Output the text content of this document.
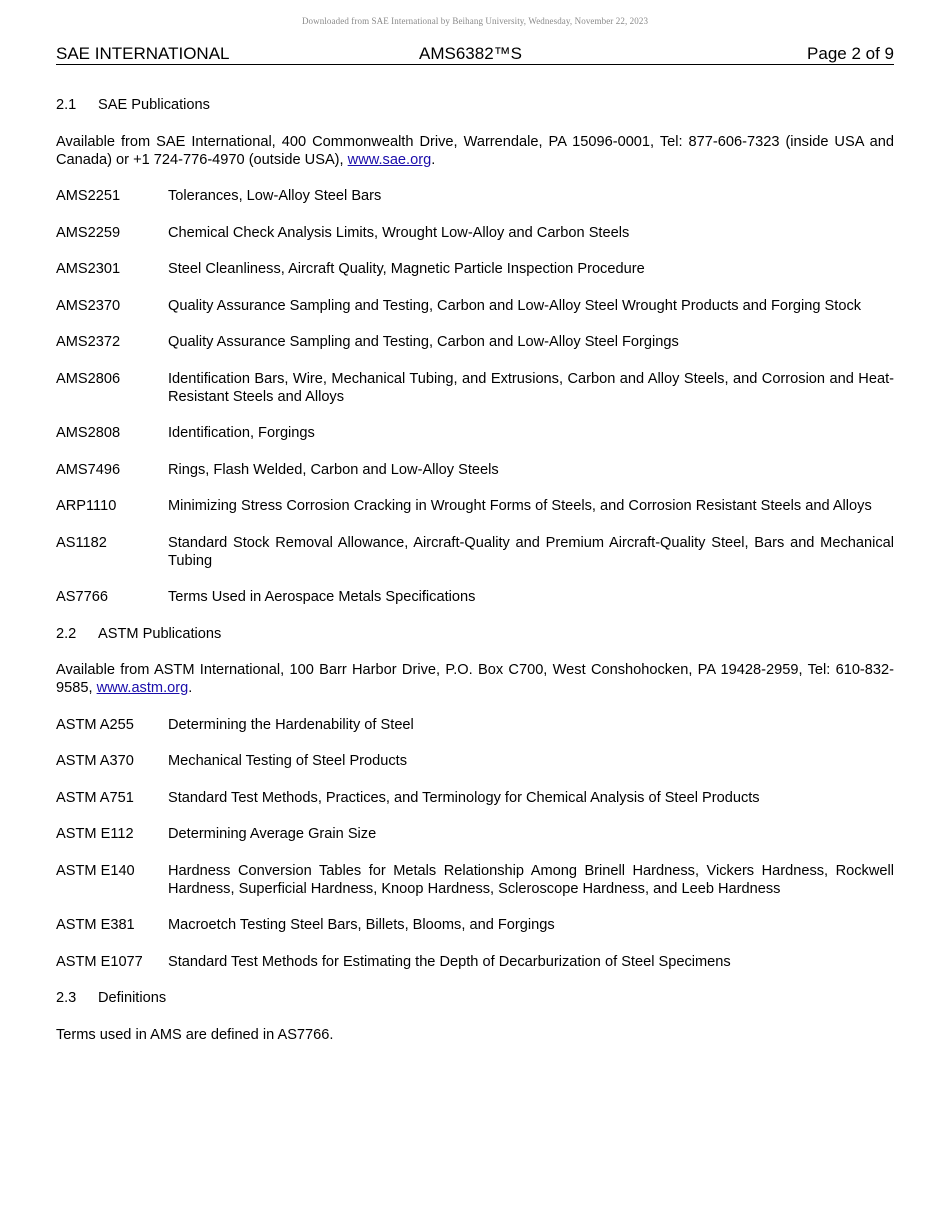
Downloaded from SAE International by Beihang University, Wednesday, November 22, 2023
SAE INTERNATIONAL	AMS6382™S	Page 2 of 9
2.1 SAE Publications
Available from SAE International, 400 Commonwealth Drive, Warrendale, PA 15096-0001, Tel: 877-606-7323 (inside USA and Canada) or +1 724-776-4970 (outside USA), www.sae.org.
AMS2251	Tolerances, Low-Alloy Steel Bars
AMS2259	Chemical Check Analysis Limits, Wrought Low-Alloy and Carbon Steels
AMS2301	Steel Cleanliness, Aircraft Quality, Magnetic Particle Inspection Procedure
AMS2370	Quality Assurance Sampling and Testing, Carbon and Low-Alloy Steel Wrought Products and Forging Stock
AMS2372	Quality Assurance Sampling and Testing, Carbon and Low-Alloy Steel Forgings
AMS2806	Identification Bars, Wire, Mechanical Tubing, and Extrusions, Carbon and Alloy Steels, and Corrosion and Heat-Resistant Steels and Alloys
AMS2808	Identification, Forgings
AMS7496	Rings, Flash Welded, Carbon and Low-Alloy Steels
ARP1110	Minimizing Stress Corrosion Cracking in Wrought Forms of Steels, and Corrosion Resistant Steels and Alloys
AS1182	Standard Stock Removal Allowance, Aircraft-Quality and Premium Aircraft-Quality Steel, Bars and Mechanical Tubing
AS7766	Terms Used in Aerospace Metals Specifications
2.2 ASTM Publications
Available from ASTM International, 100 Barr Harbor Drive, P.O. Box C700, West Conshohocken, PA 19428-2959, Tel: 610-832-9585, www.astm.org.
ASTM A255	Determining the Hardenability of Steel
ASTM A370	Mechanical Testing of Steel Products
ASTM A751	Standard Test Methods, Practices, and Terminology for Chemical Analysis of Steel Products
ASTM E112	Determining Average Grain Size
ASTM E140	Hardness Conversion Tables for Metals Relationship Among Brinell Hardness, Vickers Hardness, Rockwell Hardness, Superficial Hardness, Knoop Hardness, Scleroscope Hardness, and Leeb Hardness
ASTM E381	Macroetch Testing Steel Bars, Billets, Blooms, and Forgings
ASTM E1077	Standard Test Methods for Estimating the Depth of Decarburization of Steel Specimens
2.3 Definitions
Terms used in AMS are defined in AS7766.
